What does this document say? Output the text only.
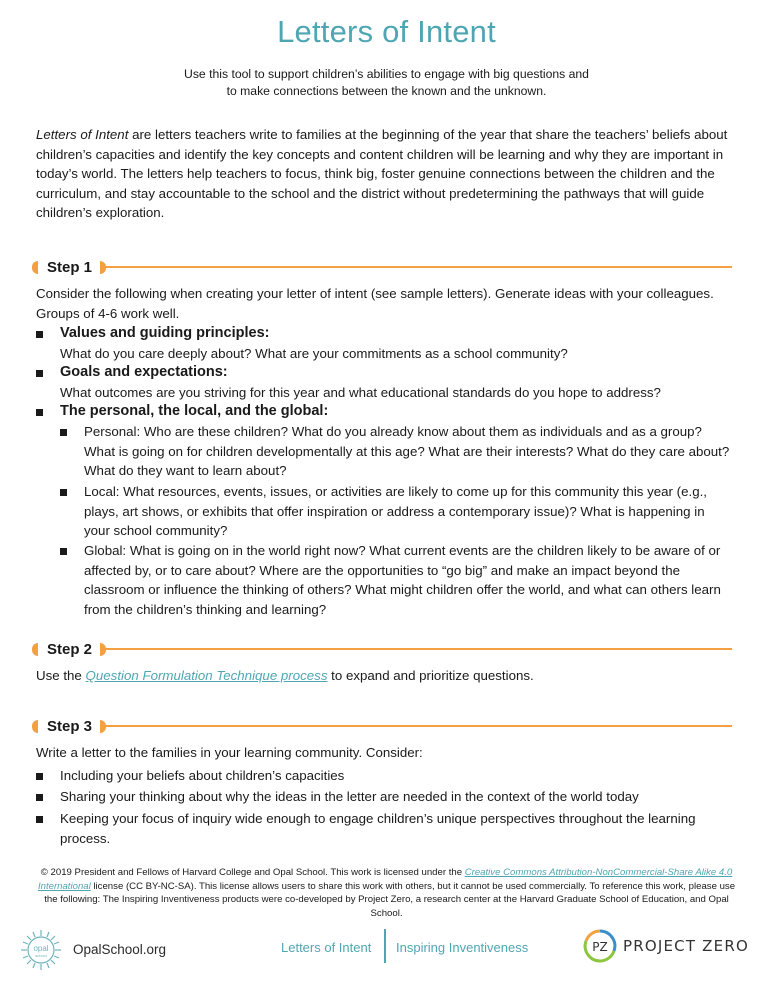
Letters of Intent
Use this tool to support children’s abilities to engage with big questions and
to make connections between the known and the unknown.
Letters of Intent are letters teachers write to families at the beginning of the year that share the teachers’ beliefs about children’s capacities and identify the key concepts and content children will be learning and why they are important in today’s world. The letters help teachers to focus, think big, foster genuine connections between the children and the curriculum, and stay accountable to the school and the district without predetermining the pathways that will guide children’s exploration.
Step 1
Consider the following when creating your letter of intent (see sample letters). Generate ideas with your colleagues. Groups of 4-6 work well.
Values and guiding principles:
What do you care deeply about? What are your commitments as a school community?
Goals and expectations:
What outcomes are you striving for this year and what educational standards do you hope to address?
The personal, the local, and the global:
Personal: Who are these children? What do you already know about them as individuals and as a group? What is going on for children developmentally at this age? What are their interests? What do they care about? What do they want to learn about?
Local: What resources, events, issues, or activities are likely to come up for this community this year (e.g., plays, art shows, or exhibits that offer inspiration or address a contemporary issue)? What is happening in your school community?
Global: What is going on in the world right now? What current events are the children likely to be aware of or affected by, or to care about? Where are the opportunities to “go big” and make an impact beyond the classroom or influence the thinking of others? What might children offer the world, and what can others learn from the children’s thinking and learning?
Step 2
Use the Question Formulation Technique process to expand and prioritize questions.
Step 3
Write a letter to the families in your learning community. Consider:
Including your beliefs about children’s capacities
Sharing your thinking about why the ideas in the letter are needed in the context of the world today
Keeping your focus of inquiry wide enough to engage children’s unique perspectives throughout the learning process.
© 2019 President and Fellows of Harvard College and Opal School. This work is licensed under the Creative Commons Attribution-NonCommercial-Share Alike 4.0 International license (CC BY-NC-SA). This license allows users to share this work with others, but it cannot be used commercially. To reference this work, please use the following: The Inspiring Inventiveness products were co-developed by Project Zero, a research center at the Harvard Graduate School of Education, and Opal School.
opal
school OpalSchool.org	Letters of Intent Inspiring Inventiveness	PZ PROJECT ZERO
